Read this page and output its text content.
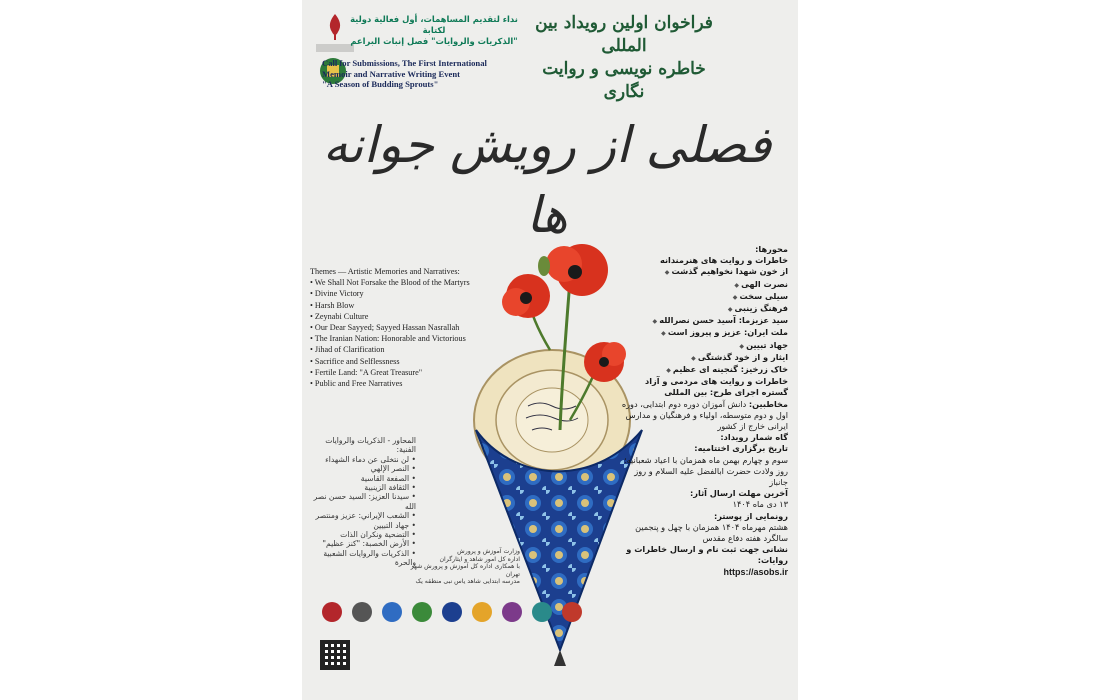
فراخوان اولین رویداد بین المللی
خاطره نویسی و روایت نگاری
نداء لتقديم المساهمات، أول فعالية دولية لكتابة
"الذكريات والروايات" فصل إنبات البراعم
Call for Submissions, The First International
Memoir and Narrative Writing Event
"A Season of Budding Sprouts"
فصلی از رویش جوانه ها
Themes — Artistic Memories and Narratives:
• We Shall Not Forsake the Blood of the Martyrs
• Divine Victory
• Harsh Blow
• Zeynabi Culture
• Our Dear Sayyed; Sayyed Hassan Nasrallah
• The Iranian Nation: Honorable and Victorious
• Jihad of Clarification
• Sacrifice and Selflessness
• Fertile Land: "A Great Treasure"
• Public and Free Narratives
المحاور - الذكريات والروايات الفنية:
• لن نتخلى عن دماء الشهداء
• النصر الإلهي
• الصفعة القاسية
• الثقافة الزينبية
• سيدنا العزيز: السيد حسن نصر الله
• الشعب الإيراني: عزيز ومنتصر
• جهاد التبيين
• التضحية ونكران الذات
• الأرض الخصبة: "كنز عظيم"
• الذكريات والروايات الشعبية والحرة
وزارت آموزش و پرورش
اداره کل امور شاهد و ایثارگران
با همکاری اداره کل آموزش و پرورش شهر تهران
مدرسه ابتدایی شاهد یاس نبی منطقه یک

محورها:

خاطرات و روایت های هنرمندانه

از خون شهدا نخواهیم گذشت ◆
نصرت الهی ◆
سیلی سخت ◆
فرهنگ زینبی ◆
سید عزیزما: آسید حسن نصرالله ◆
ملت ایران: عزیز و پیروز است ◆
جهاد تبیین ◆
ایثار و از خود گذشتگی ◆
خاک زرخیز: گنجینه ای عظیم ◆

خاطرات و روایت های مردمی و آزاد

گستره اجرای طرح: بین المللی

مخاطبین: دانش آموزان دوره دوم ابتدایی، دوره اول و دوم متوسطه، اولیاء و فرهنگیان و مدارس ایرانی خارج از کشور

گاه شمار رویداد:

تاریخ برگزاری اختتامیه:

سوم و چهارم بهمن ماه همزمان با اعیاد شعبانیه؛ روز ولادت حضرت ابالفضل علیه السلام و روز جانباز

آخرین مهلت ارسال آثار:

۱۳ دی ماه ۱۴۰۴

رونمایی از پوستر:

هشتم مهرماه ۱۴۰۴ همزمان با چهل و پنجمین سالگرد هفته دفاع مقدس

نشانی جهت ثبت نام و ارسال خاطرات و روایات:

https://asobs.ir
